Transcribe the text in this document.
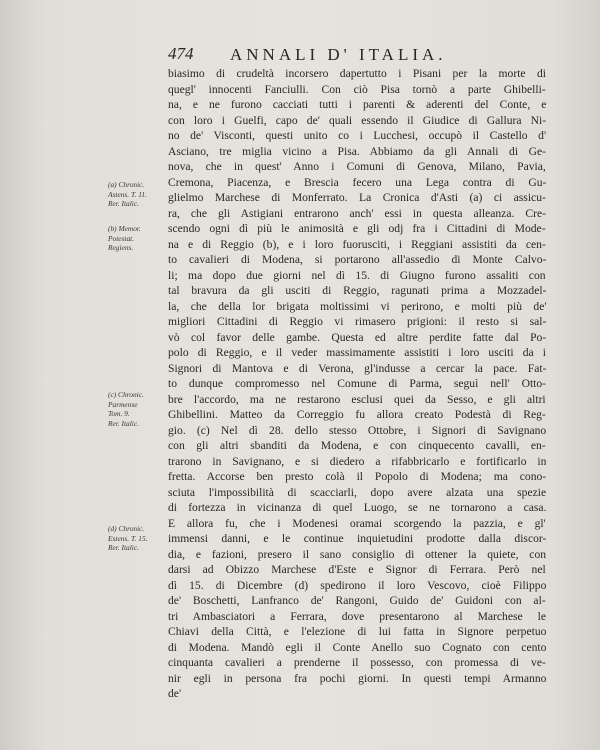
474 ANNALI D' ITALIA.
(a) Chronic.
Astens. T. 11.
Rer. Italic.
(b) Memor.
Potestat.
Regiens.
(c) Chronic.
Parmense
Tom. 9.
Rer. Italic.
(d) Chronic.
Estens. T. 15.
Rer. Italic.
biasimo di crudeltà incorsero dapertutto i Pisani per la morte di
quegl' innocenti Fanciulli. Con ciò Pisa tornò a parte Ghibelli-
na, e ne furono cacciati tutti i parenti & aderenti del Conte, e
con loro i Guelfi, capo de' quali essendo il Giudice di Gallura Ni-
no de' Visconti, questi unito co i Lucchesi, occupò il Castello d'
Asciano, tre miglia vicino a Pisa. Abbiamo da gli Annali di Ge-
nova, che in quest' Anno i Comuni di Genova, Milano, Pavia,
Cremona, Piacenza, e Brescia fecero una Lega contra di Gu-
glielmo Marchese di Monferrato. La Cronica d'Asti (a) ci assicu-
ra, che gli Astigiani entrarono anch' essi in questa alleanza. Cre-
scendo ogni dì più le animosità e gli odj fra i Cittadini di Mode-
na e di Reggio (b), e i loro fuorusciti, i Reggiani assistiti da cen-
to cavalieri di Modena, si portarono all'assedio di Monte Calvo-
li; ma dopo due giorni nel dì 15. di Giugno furono assaliti con
tal bravura da gli usciti di Reggio, ragunati prima a Mozzadel-
la, che della lor brigata moltissimi vi perirono, e molti più de'
migliori Cittadini di Reggio vi rimasero prigioni: il resto si sal-
vò col favor delle gambe. Questa ed altre perdite fatte dal Po-
polo di Reggio, e il veder massimamente assistiti i loro usciti da i
Signori di Mantova e di Verona, gl'indusse a cercar la pace. Fat-
to dunque compromesso nel Comune di Parma, seguì nell' Otto-
bre l'accordo, ma ne restarono esclusi quei da Sesso, e gli altri
Ghibellini. Matteo da Correggio fu allora creato Podestà di Reg-
gio. (c) Nel dì 28. dello stesso Ottobre, i Signori di Savignano
con gli altri sbanditi da Modena, e con cinquecento cavalli, en-
trarono in Savignano, e si diedero a rifabbricarlo e fortificarlo in
fretta. Accorse ben presto colà il Popolo di Modena; ma cono-
sciuta l'impossibilità di scacciarli, dopo avere alzata una spezie
di fortezza in vicinanza di quel Luogo, se ne tornarono a casa.
E allora fu, che i Modenesi oramai scorgendo la pazzia, e gl'
immensi danni, e le continue inquietudini prodotte dalla discor-
dia, e fazioni, presero il sano consiglio di ottener la quiete, con
darsi ad Obizzo Marchese d'Este e Signor di Ferrara. Però nel
dì 15. di Dicembre (d) spedirono il loro Vescovo, cioè Filippo
de' Boschetti, Lanfranco de' Rangoni, Guido de' Guidoni con al-
tri Ambasciatori a Ferrara, dove presentarono al Marchese le
Chiavi della Città, e l'elezione di lui fatta in Signore perpetuo
di Modena. Mandò egli il Conte Anello suo Cognato con cento
cinquanta cavalieri a prenderne il possesso, con promessa di ve-
nir egli in persona fra pochi giorni. In questi tempi Armanno
de'
